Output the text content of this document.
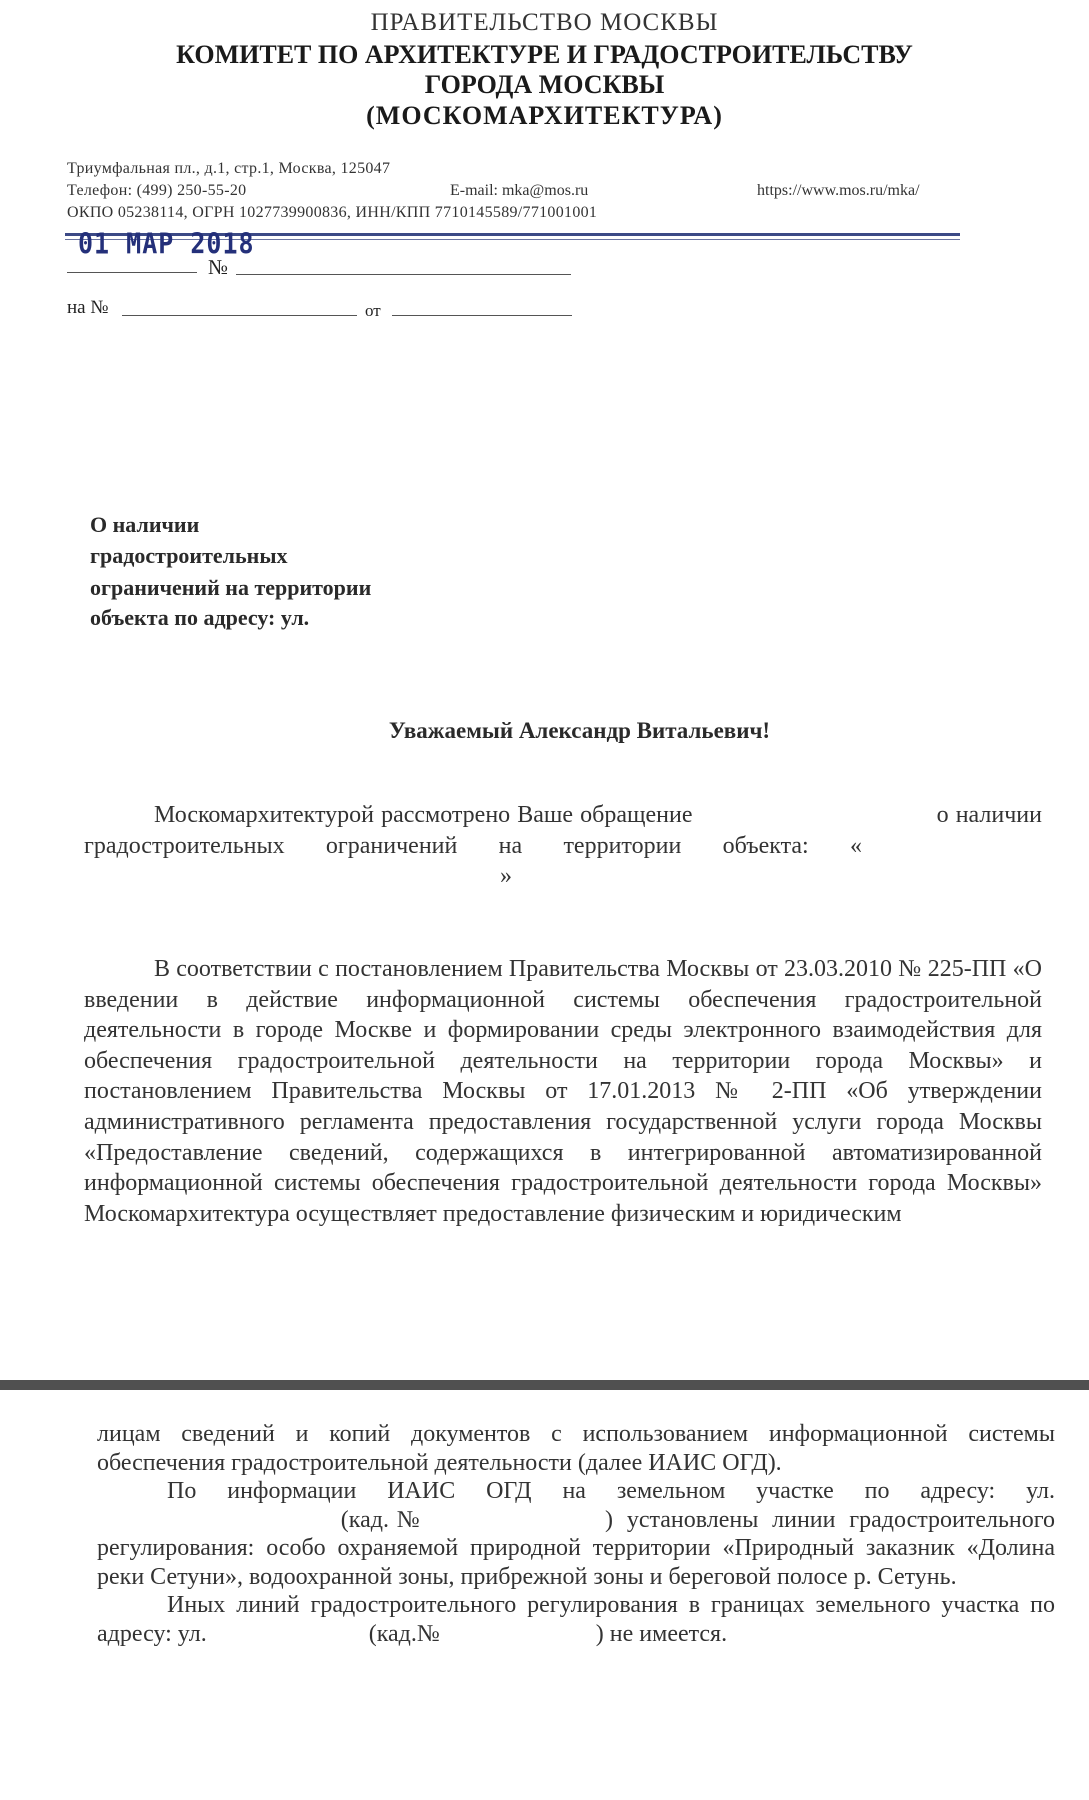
ПРАВИТЕЛЬСТВО МОСКВЫ
КОМИТЕТ ПО АРХИТЕКТУРЕ И ГРАДОСТРОИТЕЛЬСТВУ
ГОРОДА МОСКВЫ
(МОСКОМАРХИТЕКТУРА)
Триумфальная пл., д.1, стр.1, Москва, 125047
Телефон: (499) 250-55-20	E-mail: mka@mos.ru	https://www.mos.ru/mka/
ОКПО 05238114, ОГРН 1027739900836, ИНН/КПП 7710145589/771001001
01 МАР 2018
№
на №	от
О наличии
градостроительных
ограничений на территории
объекта по адресу: ул.
Уважаемый Александр Витальевич!

Москомархитектурой рассмотрено Ваше обращение	о наличии градостроительных ограничений на территории объекта: « »

В соответствии с постановлением Правительства Москвы от 23.03.2010 № 225-ПП «О введении в действие информационной системы обеспечения градостроительной деятельности в городе Москве и формировании среды электронного взаимодействия для обеспечения градостроительной деятельности на территории города Москвы» и постановлением Правительства Москвы от 17.01.2013 № 2-ПП «Об утверждении административного регламента предоставления государственной услуги города Москвы «Предоставление сведений, содержащихся в интегрированной автоматизированной информационной системы обеспечения градостроительной деятельности города Москвы» Москомархитектура осуществляет предоставление физическим и юридическим

лицам сведений и копий документов с использованием информационной системы обеспечения градостроительной деятельности (далее ИАИС ОГД).

По информации ИАИС ОГД на земельном участке по адресу: ул.  (кад.№	) установлены линии градостроительного регулирования: особо охраняемой природной территории «Природный заказник «Долина реки Сетуни», водоохранной зоны, прибрежной зоны и береговой полосе р. Сетунь.

Иных линий градостроительного регулирования в границах земельного участка по адресу: ул.	(кад.№	) не имеется.
